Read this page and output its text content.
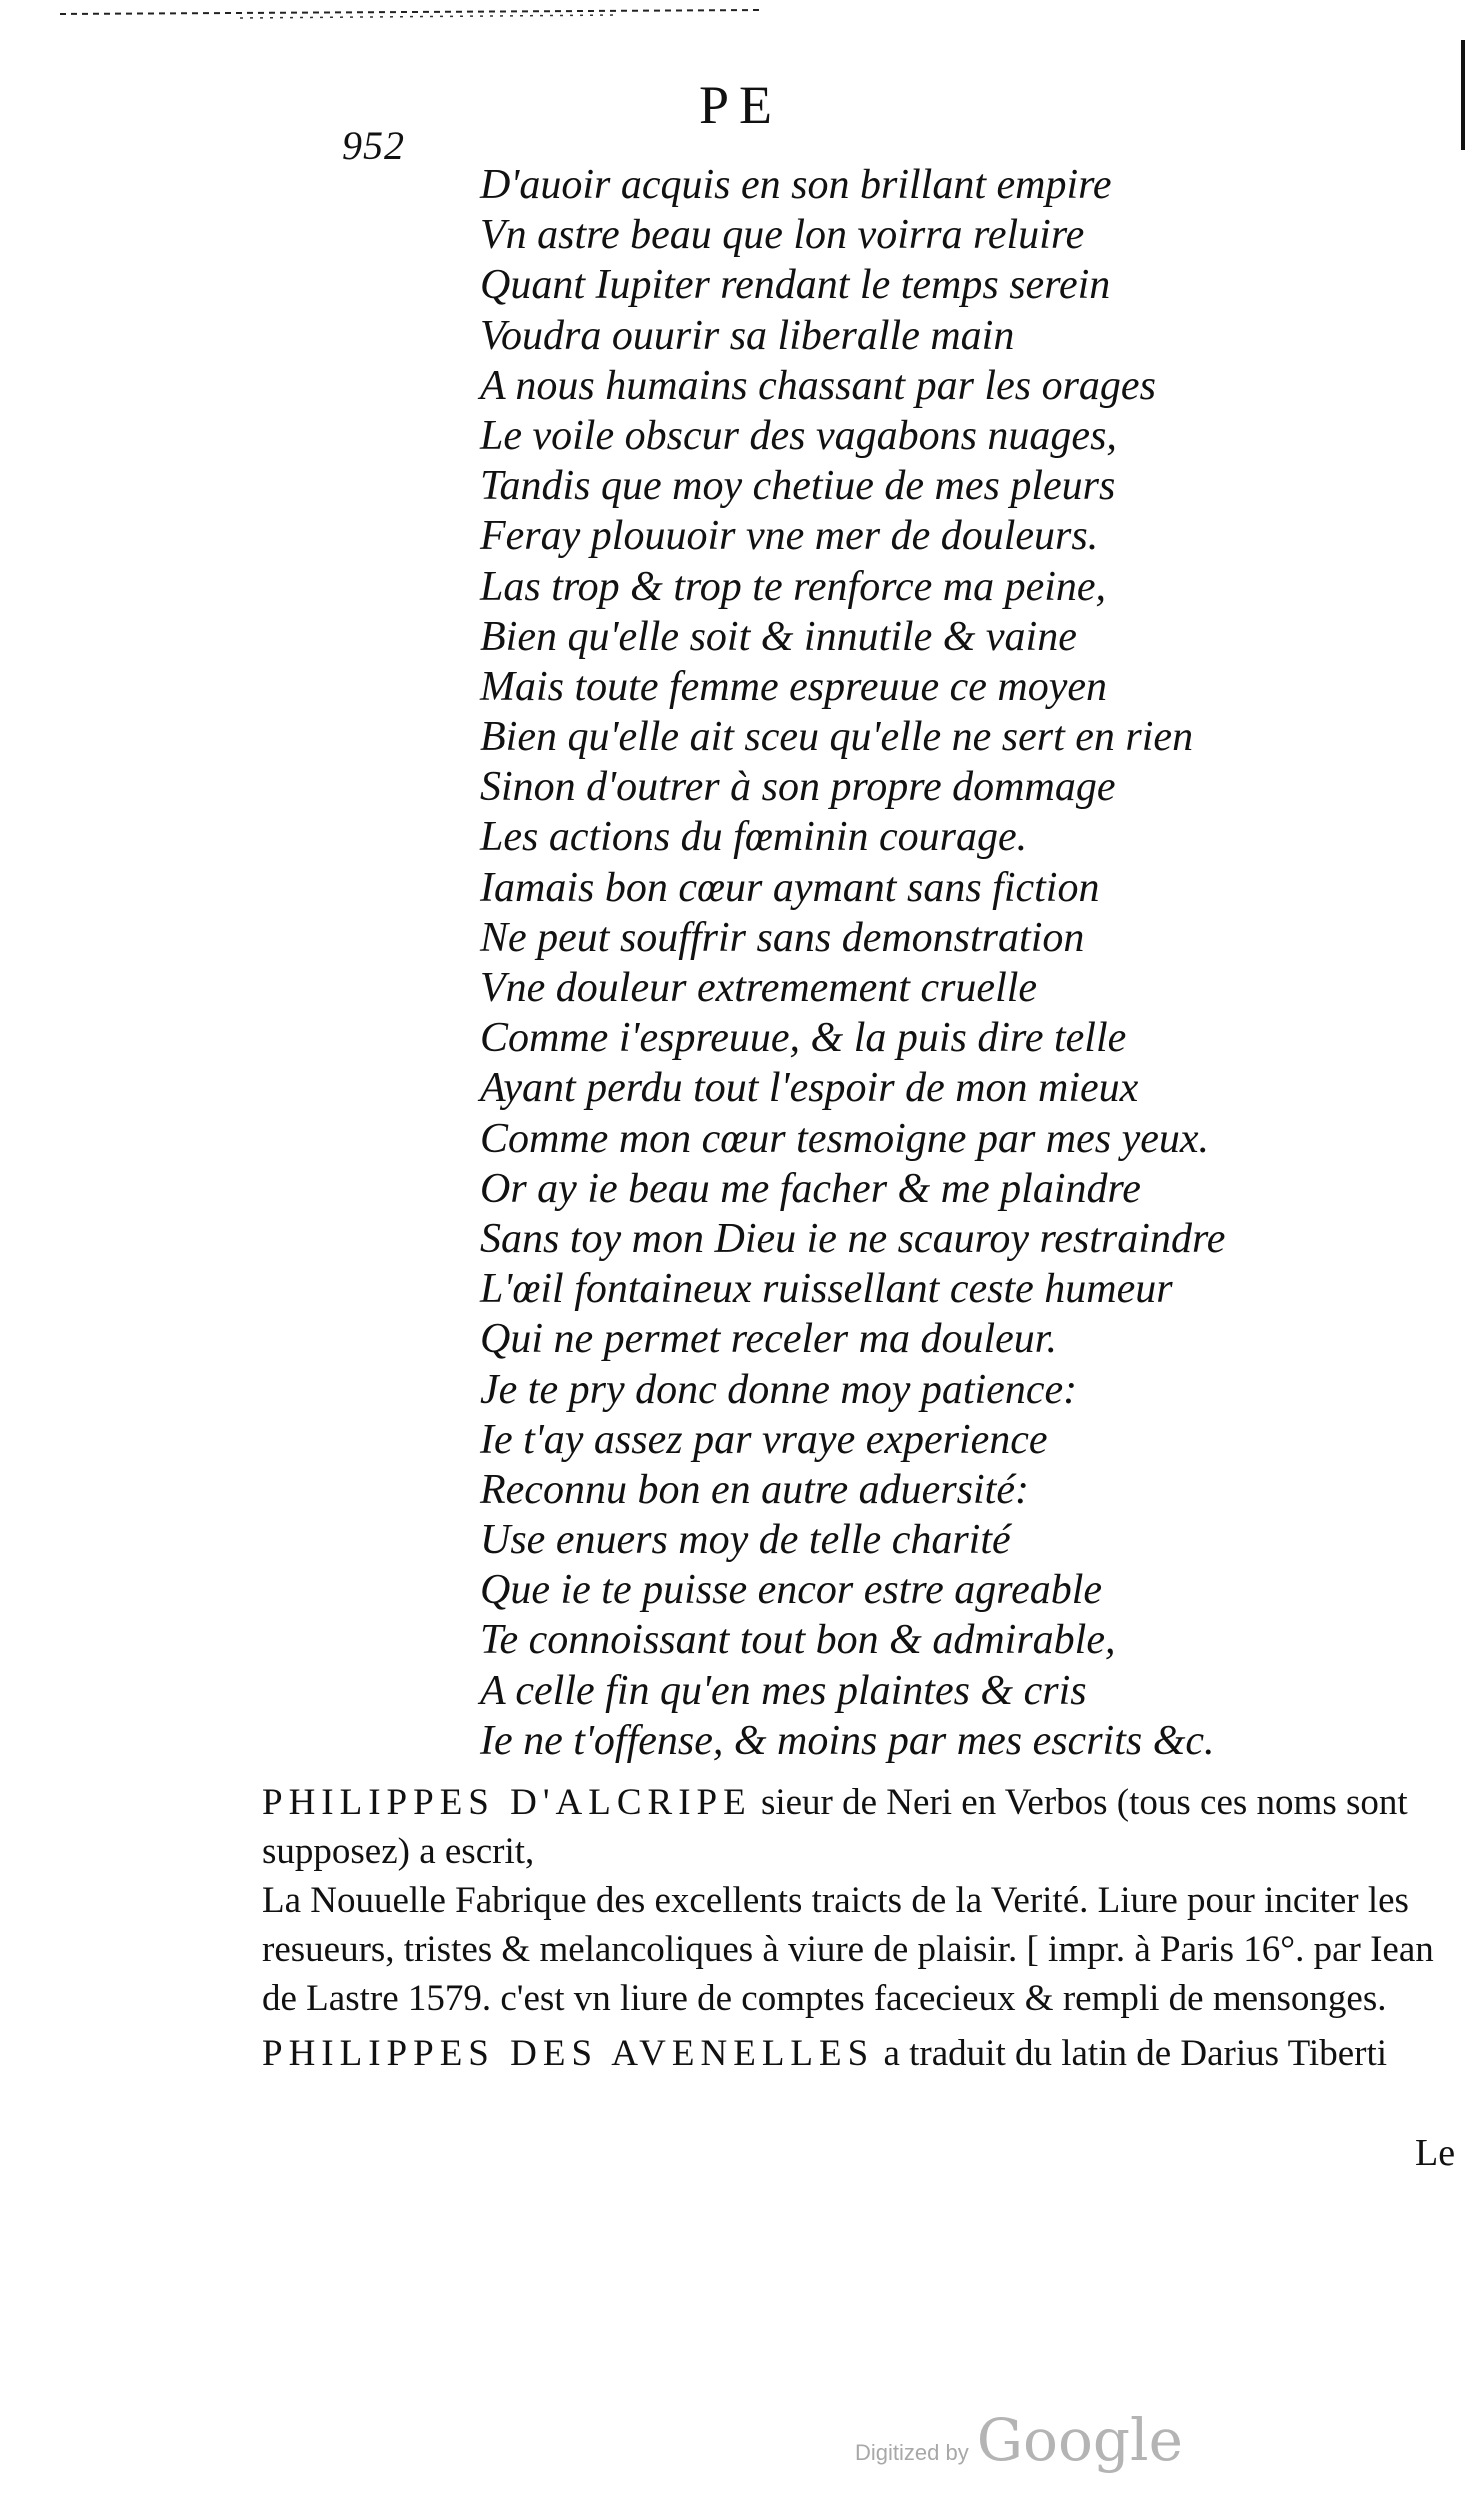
952
PE
D'auoir acquis en son brillant empire
Vn astre beau que lon voirra reluire
Quant Iupiter rendant le temps serein
Voudra ouurir sa liberalle main
A nous humains chassant par les orages
Le voile obscur des vagabons nuages,
Tandis que moy chetiue de mes pleurs
Feray plouuoir vne mer de douleurs.
Las trop & trop te renforce ma peine,
Bien qu'elle soit & innutile & vaine
Mais toute femme espreuue ce moyen
Bien qu'elle ait sceu qu'elle ne sert en rien
Sinon d'outrer à son propre dommage
Les actions du fœminin courage.
Iamais bon cœur aymant sans fiction
Ne peut souffrir sans demonstration
Vne douleur extremement cruelle
Comme i'espreuue, & la puis dire telle
Ayant perdu tout l'espoir de mon mieux
Comme mon cœur tesmoigne par mes yeux.
Or ay ie beau me facher & me plaindre
Sans toy mon Dieu ie ne scauroy restraindre
L'œil fontaineux ruissellant ceste humeur
Qui ne permet receler ma douleur.
Je te pry donc donne moy patience:
Ie t'ay assez par vraye experience
Reconnu bon en autre aduersité:
Use enuers moy de telle charité
Que ie te puisse encor estre agreable
Te connoissant tout bon & admirable,
A celle fin qu'en mes plaintes & cris
Ie ne t'offense, & moins par mes escrits &c.

PHILIPPES D'ALCRIPE sieur de Neri en Verbos (tous ces noms sont supposez) a escrit,

La Nouuelle Fabrique des excellents traicts de la Verité. Liure pour inciter les resueurs, tristes & melancoliques à viure de plaisir. [ impr. à Paris 16°. par Iean de Lastre 1579. c'est vn liure de comptes facecieux & rempli de mensonges.

PHILIPPES DES AVENELLES a traduit du latin de Darius Tiberti

Le
Digitized by Google
